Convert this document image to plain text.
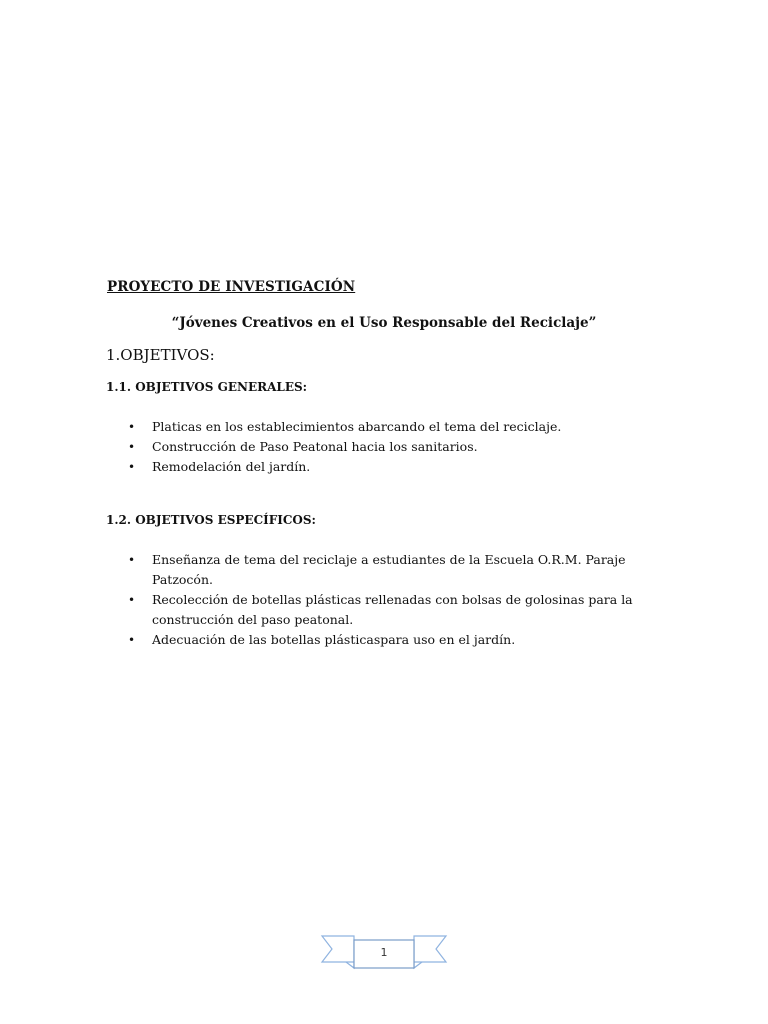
PROYECTO DE INVESTIGACIÓN
“Jóvenes Creativos en el Uso Responsable del Reciclaje”
1.OBJETIVOS:
1.1. OBJETIVOS GENERALES:
• Platicas en los establecimientos abarcando el tema del reciclaje.
• Construcción de Paso Peatonal hacia los sanitarios.
• Remodelación del jardín.
1.2. OBJETIVOS ESPECÍFICOS:
• Enseñanza de tema del reciclaje a estudiantes de la Escuela O.R.M. Paraje Patzocón.
• Recolección de botellas plásticas rellenadas con bolsas de golosinas para la construcción del paso peatonal.
• Adecuación de las botellas plásticaspara uso en el jardín.
1
